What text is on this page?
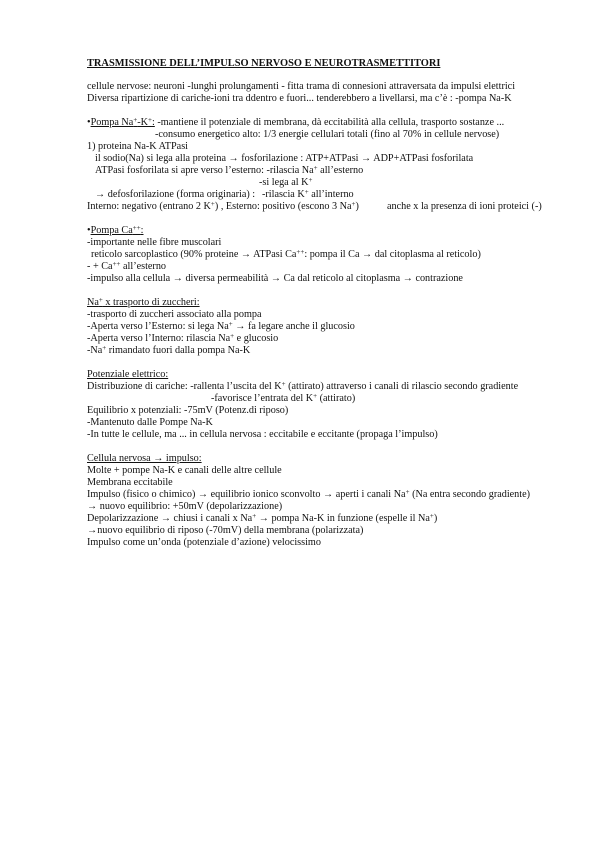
TRASMISSIONE DELL’IMPULSO NERVOSO E NEUROTRASMETTITORI
cellule nervose: neuroni -lunghi prolungamenti - fitta trama di connesioni attraversata da impulsi elettrici
Diversa ripartizione di cariche-ioni tra ddentro e fuori... tenderebbero a livellarsi, ma c’è : -pompa Na-K
•Pompa Na+-K+: -mantiene il potenziale di membrana, dà eccitabilità alla cellula, trasporto sostanze ...
-consumo energetico alto: 1/3 energie cellulari totali (fino al 70% in cellule nervose)
1) proteina Na-K ATPasi
il sodio(Na) si lega alla proteina → fosforilazione : ATP+ATPasi → ADP+ATPasi fosforilata
ATPasi fosforilata si apre verso l’esterno: -rilascia Na+ all’esterno
-si lega al K+
→ defosforilazione (forma originaria) : -rilascia K+ all’interno
Interno: negativo (entrano 2 K+) , Esterno: positivo (escono 3 Na+)	anche x la presenza di ioni proteici (-)
•Pompa Ca++:
-importante nelle fibre muscolari
reticolo sarcoplastico (90% proteine → ATPasi Ca++: pompa il Ca → dal citoplasma al reticolo)
- + Ca++ all’esterno
-impulso alla cellula → diversa permeabilità → Ca dal reticolo al citoplasma → contrazione
Na+ x trasporto di zuccheri:
-trasporto di zuccheri associato alla pompa
-Aperta verso l’Esterno: si lega Na+ → fa legare anche il glucosio
-Aperta verso l’Interno: rilascia Na+ e glucosio
-Na+ rimandato fuori dalla pompa Na-K
Potenziale elettrico:
Distribuzione di cariche: -rallenta l’uscita del K+ (attirato) attraverso i canali di rilascio secondo gradiente
-favorisce l’entrata del K+ (attirato)
Equilibrio x potenziali: -75mV (Potenz.di riposo)
-Mantenuto dalle Pompe Na-K
-In tutte le cellule, ma ... in cellula nervosa : eccitabile e eccitante (propaga l’impulso)
Cellula nervosa → impulso:
Molte + pompe Na-K e canali delle altre cellule
Membrana eccitabile
Impulso (fisico o chimico) → equilibrio ionico sconvolto → aperti i canali Na+ (Na entra secondo gradiente)
→ nuovo equilibrio: +50mV (depolarizzazione)
Depolarizzazione → chiusi i canali x Na+ → pompa Na-K in funzione (espelle il Na+)
→nuovo equilibrio di riposo (-70mV) della membrana (polarizzata)
Impulso come un’onda (potenziale d’azione) velocissimo
